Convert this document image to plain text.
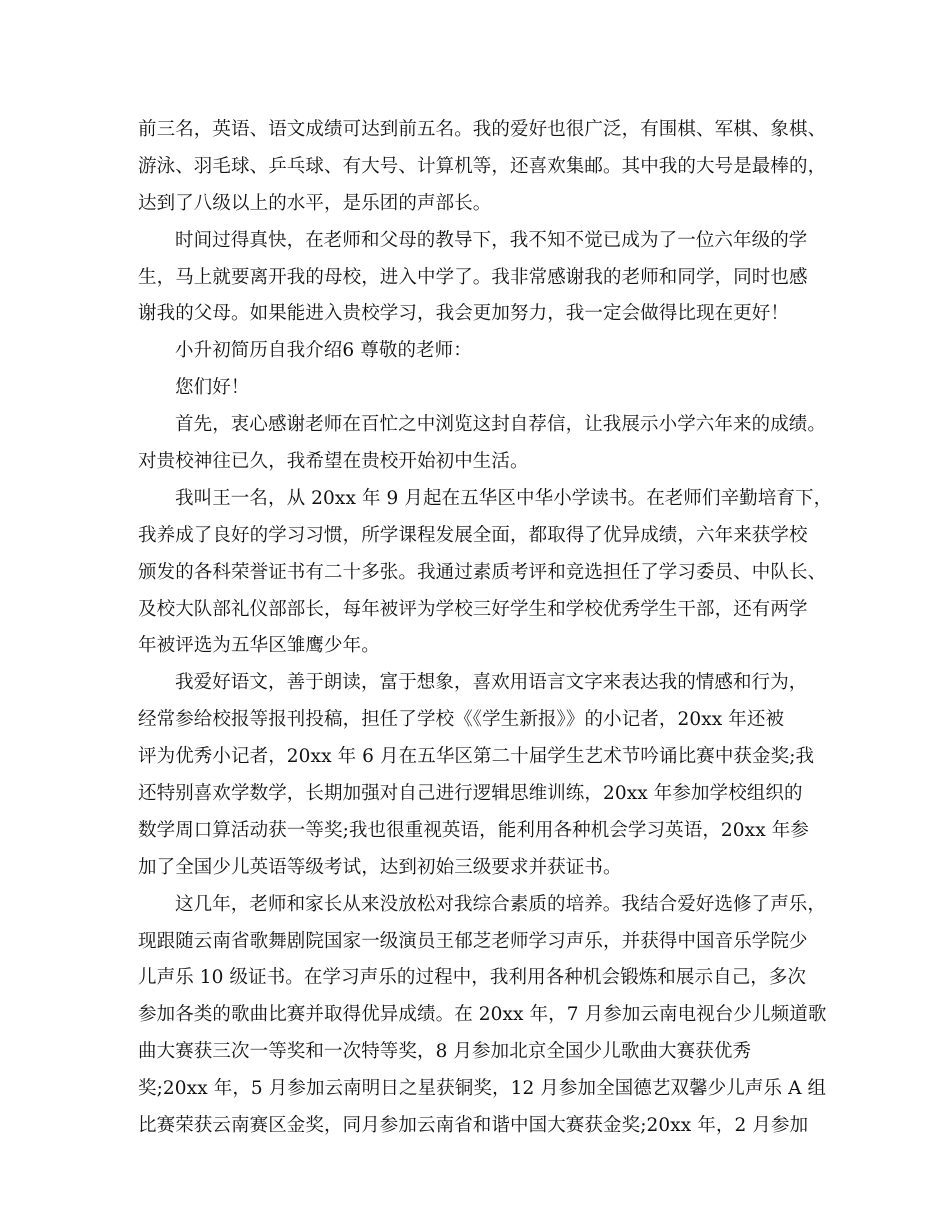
前三名，英语、语文成绩可达到前五名。我的爱好也很广泛，有围棋、军棋、象棋、
游泳、羽毛球、乒乓球、有大号、计算机等，还喜欢集邮。其中我的大号是最棒的，
达到了八级以上的水平，是乐团的声部长。
时间过得真快，在老师和父母的教导下，我不知不觉已成为了一位六年级的学
生，马上就要离开我的母校，进入中学了。我非常感谢我的老师和同学，同时也感
谢我的父母。如果能进入贵校学习，我会更加努力，我一定会做得比现在更好！
小升初简历自我介绍6 尊敬的老师：
您们好！
首先，衷心感谢老师在百忙之中浏览这封自荐信，让我展示小学六年来的成绩。
对贵校神往已久，我希望在贵校开始初中生活。
我叫王一名，从 20xx 年 9 月起在五华区中华小学读书。在老师们辛勤培育下，
我养成了良好的学习习惯，所学课程发展全面，都取得了优异成绩，六年来获学校
颁发的各科荣誉证书有二十多张。我通过素质考评和竞选担任了学习委员、中队长、
及校大队部礼仪部部长，每年被评为学校三好学生和学校优秀学生干部，还有两学
年被评选为五华区雏鹰少年。
我爱好语文，善于朗读，富于想象，喜欢用语言文字来表达我的情感和行为，
经常参给校报等报刊投稿，担任了学校《《学生新报》》的小记者，20xx 年还被
评为优秀小记者，20xx 年 6 月在五华区第二十届学生艺术节吟诵比赛中获金奖;我
还特别喜欢学数学，长期加强对自己进行逻辑思维训练，20xx 年参加学校组织的
数学周口算活动获一等奖;我也很重视英语，能利用各种机会学习英语，20xx 年参
加了全国少儿英语等级考试，达到初始三级要求并获证书。
这几年，老师和家长从来没放松对我综合素质的培养。我结合爱好选修了声乐，
现跟随云南省歌舞剧院国家一级演员王郁芝老师学习声乐，并获得中国音乐学院少
儿声乐 10 级证书。在学习声乐的过程中，我利用各种机会锻炼和展示自己，多次
参加各类的歌曲比赛并取得优异成绩。在 20xx 年，7 月参加云南电视台少儿频道歌
曲大赛获三次一等奖和一次特等奖，8 月参加北京全国少儿歌曲大赛获优秀
奖;20xx 年，5 月参加云南明日之星获铜奖，12 月参加全国德艺双馨少儿声乐 A 组
比赛荣获云南赛区金奖，同月参加云南省和谐中国大赛获金奖;20xx 年，2 月参加
